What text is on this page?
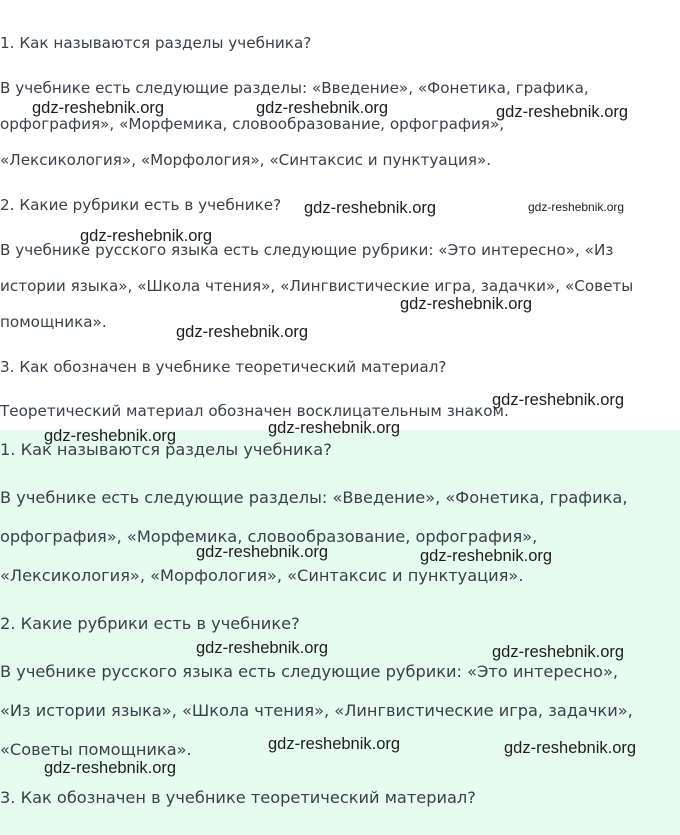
1. Как называются разделы учебника?
В учебнике есть следующие разделы: «Введение», «Фонетика, графика,
орфография», «Морфемика, словообразование, орфография»,
«Лексикология», «Морфология», «Синтаксис и пунктуация».
2. Какие рубрики есть в учебнике?
В учебнике русского языка есть следующие рубрики: «Это интересно», «Из
истории языка», «Школа чтения», «Лингвистические игра, задачки», «Советы
помощника».
3. Как обозначен в учебнике теоретический материал?
Теоретический материал обозначен восклицательным знаком.
1. Как называются разделы учебника?
В учебнике есть следующие разделы: «Введение», «Фонетика, графика,
орфография», «Морфемика, словообразование, орфография»,
«Лексикология», «Морфология», «Синтаксис и пунктуация».
2. Какие рубрики есть в учебнике?
В учебнике русского языка есть следующие рубрики: «Это интересно»,
«Из истории языка», «Школа чтения», «Лингвистические игра, задачки»,
«Советы помощника».
3. Как обозначен в учебнике теоретический материал?
gdz-reshebnik.org	gdz-reshebnik.org	gdz-reshebnik.org
gdz-reshebnik.org	gdz-reshebnik.org
gdz-reshebnik.org
gdz-reshebnik.org
gdz-reshebnik.org
gdz-reshebnik.org
gdz-reshebnik.org
gdz-reshebnik.org
gdz-reshebnik.org	gdz-reshebnik.org
gdz-reshebnik.org	gdz-reshebnik.org
gdz-reshebnik.org	gdz-reshebnik.org
gdz-reshebnik.org
